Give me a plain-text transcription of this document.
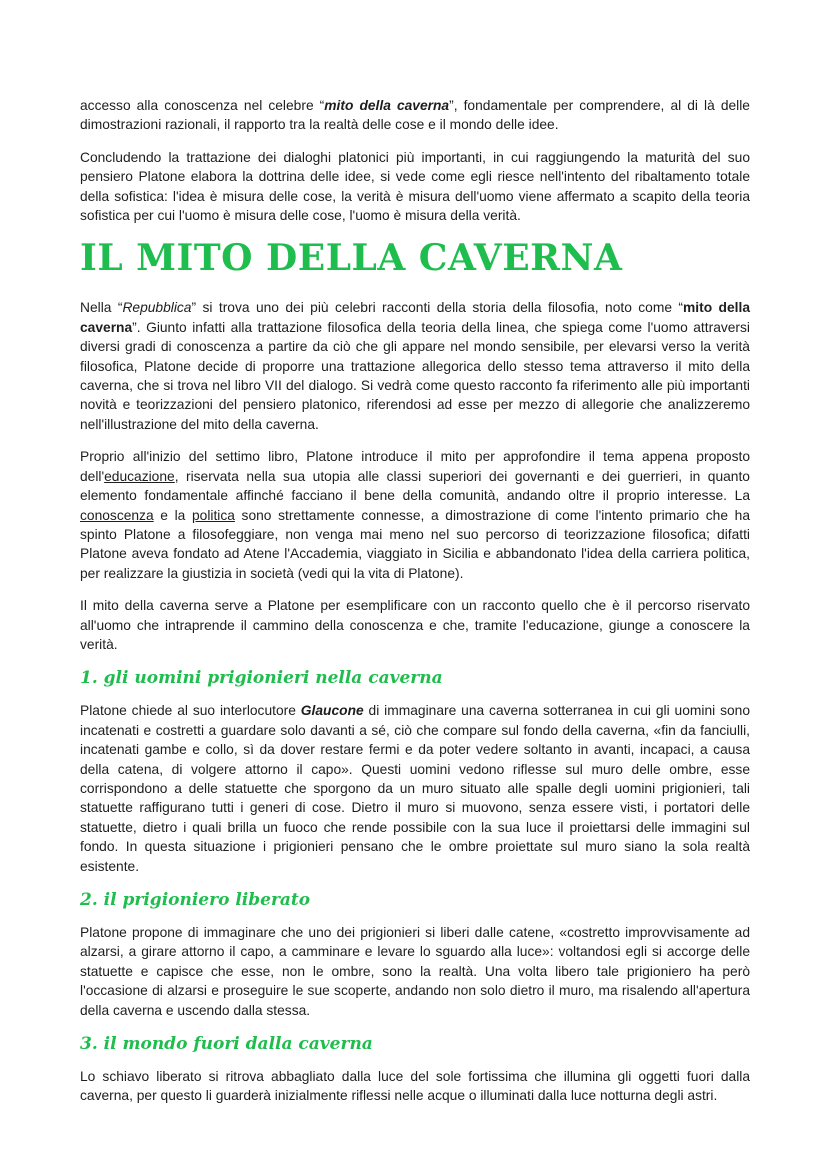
accesso alla conoscenza nel celebre “mito della caverna”, fondamentale per comprendere, al di là delle dimostrazioni razionali, il rapporto tra la realtà delle cose e il mondo delle idee.

Concludendo la trattazione dei dialoghi platonici più importanti, in cui raggiungendo la maturità del suo pensiero Platone elabora la dottrina delle idee, si vede come egli riesce nell'intento del ribaltamento totale della sofistica: l'idea è misura delle cose, la verità è misura dell'uomo viene affermato a scapito della teoria sofistica per cui l'uomo è misura delle cose, l'uomo è misura della verità.

IL MITO DELLA CAVERNA

Nella “Repubblica” si trova uno dei più celebri racconti della storia della filosofia, noto come “mito della caverna”. Giunto infatti alla trattazione filosofica della teoria della linea, che spiega come l'uomo attraversi diversi gradi di conoscenza a partire da ciò che gli appare nel mondo sensibile, per elevarsi verso la verità filosofica, Platone decide di proporre una trattazione allegorica dello stesso tema attraverso il mito della caverna, che si trova nel libro VII del dialogo. Si vedrà come questo racconto fa riferimento alle più importanti novità e teorizzazioni del pensiero platonico, riferendosi ad esse per mezzo di allegorie che analizzeremo nell'illustrazione del mito della caverna.

Proprio all'inizio del settimo libro, Platone introduce il mito per approfondire il tema appena proposto dell'educazione, riservata nella sua utopia alle classi superiori dei governanti e dei guerrieri, in quanto elemento fondamentale affinché facciano il bene della comunità, andando oltre il proprio interesse. La conoscenza e la politica sono strettamente connesse, a dimostrazione di come l'intento primario che ha spinto Platone a filosofeggiare, non venga mai meno nel suo percorso di teorizzazione filosofica; difatti Platone aveva fondato ad Atene l'Accademia, viaggiato in Sicilia e abbandonato l'idea della carriera politica, per realizzare la giustizia in società (vedi qui la vita di Platone).

Il mito della caverna serve a Platone per esemplificare con un racconto quello che è il percorso riservato all'uomo che intraprende il cammino della conoscenza e che, tramite l'educazione, giunge a conoscere la verità.

1. gli uomini prigionieri nella caverna

Platone chiede al suo interlocutore Glaucone di immaginare una caverna sotterranea in cui gli uomini sono incatenati e costretti a guardare solo davanti a sé, ciò che compare sul fondo della caverna, «fin da fanciulli, incatenati gambe e collo, sì da dover restare fermi e da poter vedere soltanto in avanti, incapaci, a causa della catena, di volgere attorno il capo». Questi uomini vedono riflesse sul muro delle ombre, esse corrispondono a delle statuette che sporgono da un muro situato alle spalle degli uomini prigionieri, tali statuette raffigurano tutti i generi di cose. Dietro il muro si muovono, senza essere visti, i portatori delle statuette, dietro i quali brilla un fuoco che rende possibile con la sua luce il proiettarsi delle immagini sul fondo. In questa situazione i prigionieri pensano che le ombre proiettate sul muro siano la sola realtà esistente.

2. il prigioniero liberato

Platone propone di immaginare che uno dei prigionieri si liberi dalle catene, «costretto improvvisamente ad alzarsi, a girare attorno il capo, a camminare e levare lo sguardo alla luce»: voltandosi egli si accorge delle statuette e capisce che esse, non le ombre, sono la realtà. Una volta libero tale prigioniero ha però l'occasione di alzarsi e proseguire le sue scoperte, andando non solo dietro il muro, ma risalendo all'apertura della caverna e uscendo dalla stessa.

3. il mondo fuori dalla caverna

Lo schiavo liberato si ritrova abbagliato dalla luce del sole fortissima che illumina gli oggetti fuori dalla caverna, per questo li guarderà inizialmente riflessi nelle acque o illuminati dalla luce notturna degli astri.
